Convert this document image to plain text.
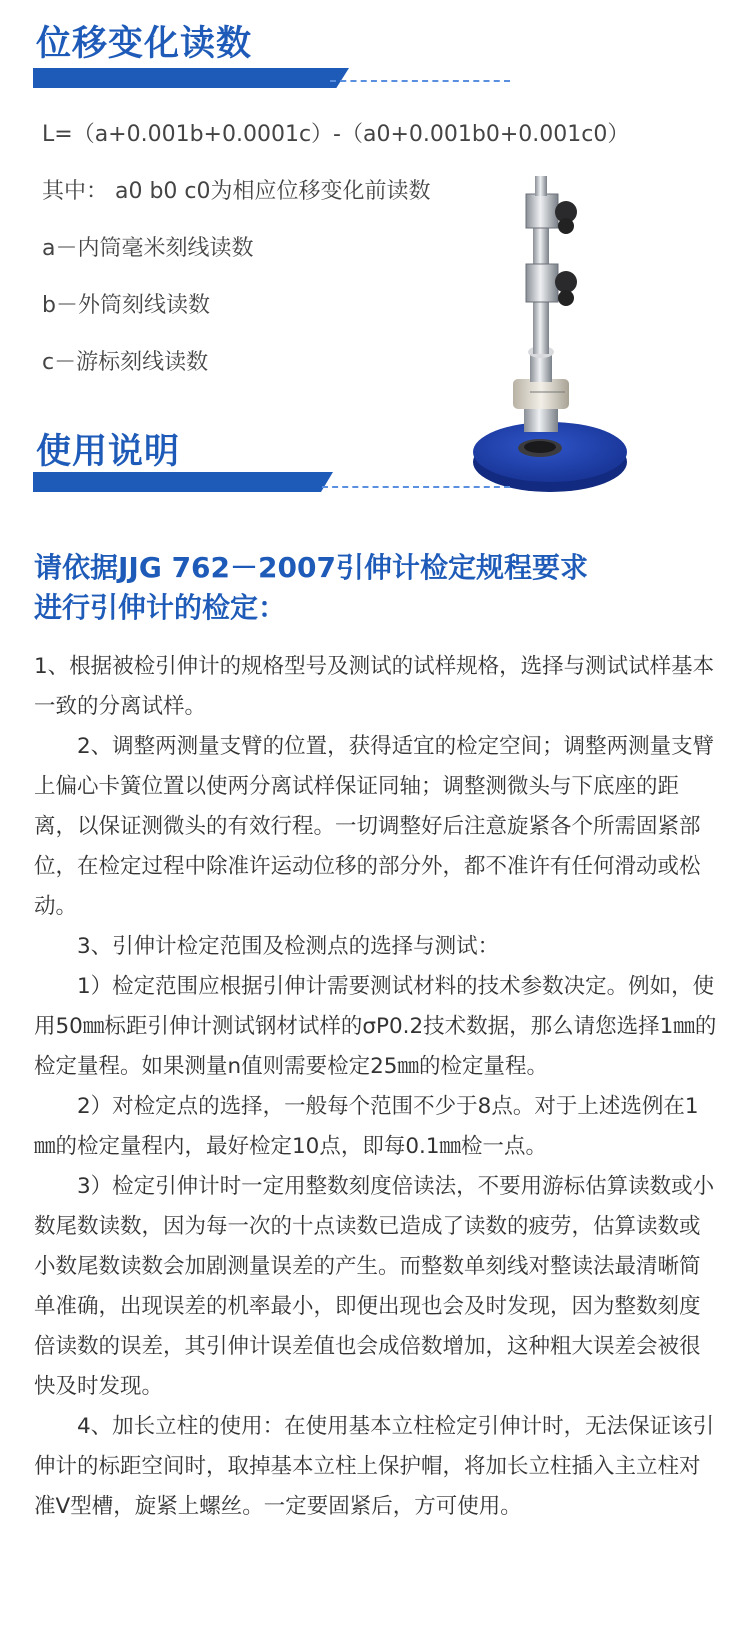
位移变化读数

L=（a+0.001b+0.0001c）-（a0+0.001b0+0.001c0）

其中： a0 b0 c0为相应位移变化前读数

a－内筒毫米刻线读数

b－外筒刻线读数

c－游标刻线读数

使用说明
请依据JJG 762－2007引伸计检定规程要求
进行引伸计的检定：

1、根据被检引伸计的规格型号及测试的试样规格，选择与测试试样基本一致的分离试样。

2、调整两测量支臂的位置，获得适宜的检定空间；调整两测量支臂上偏心卡簧位置以使两分离试样保证同轴；调整测微头与下底座的距离，以保证测微头的有效行程。一切调整好后注意旋紧各个所需固紧部位，在检定过程中除准许运动位移的部分外，都不准许有任何滑动或松动。

3、引伸计检定范围及检测点的选择与测试：

1）检定范围应根据引伸计需要测试材料的技术参数决定。例如，使用50㎜标距引伸计测试钢材试样的σP0.2技术数据，那么请您选择1㎜的检定量程。如果测量n值则需要检定25㎜的检定量程。

2）对检定点的选择，一般每个范围不少于8点。对于上述选例在1㎜的检定量程内，最好检定10点，即每0.1㎜检一点。

3）检定引伸计时一定用整数刻度倍读法，不要用游标估算读数或小数尾数读数，因为每一次的十点读数已造成了读数的疲劳，估算读数或小数尾数读数会加剧测量误差的产生。而整数单刻线对整读法最清晰简单准确，出现误差的机率最小，即便出现也会及时发现，因为整数刻度倍读数的误差，其引伸计误差值也会成倍数增加，这种粗大误差会被很快及时发现。

4、加长立柱的使用：在使用基本立柱检定引伸计时，无法保证该引伸计的标距空间时，取掉基本立柱上保护帽，将加长立柱插入主立柱对准V型槽，旋紧上螺丝。一定要固紧后，方可使用。
